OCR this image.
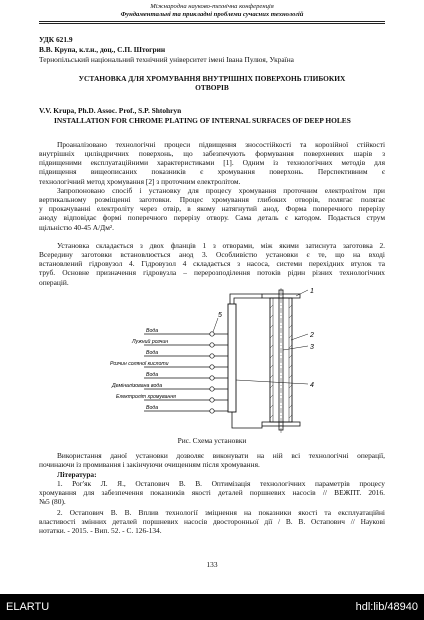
Міжнародна науково-технічна конференція
Фундаментальні та прикладні проблеми сучасних технологій
УДК 621.9
В.В. Крупа, к.т.н., доц., С.П. Штогрин
Тернопільський національний технічний університет імені Івана Пулюя, Україна
УСТАНОВКА ДЛЯ ХРОМУВАННЯ ВНУТРІШНІХ ПОВЕРХОНЬ ГЛИБОКИХ
ОТВОРІВ
V.V. Krupa, Ph.D. Assoc. Prof., S.P. Shtohryn
INSTALLATION FOR CHROME PLATING OF INTERNAL SURFACES OF DEEP HOLES
Проаналізовано технологічні процеси підвищення зносостійкості та корозійної стійкості
внутрішніх циліндричних поверхонь, що забезпечують формування поверхневих шарів з
підвищеними експлуатаційними характеристиками [1]. Одним із технологічних методів для
підвищення вищеописаних показників є хромування поверхонь. Перспективним є
технологічний метод хромування [2] з проточним електролітом.
Запропоновано спосіб і установку для процесу хромування проточним електролітом при
вертикальному розміщенні заготовки. Процес хромування глибоких отворів, полягає полягає
у прокачуванні електроліту через отвір, в якому натягнутий анод. Форма поперечного перерізу
аноду відповідає формі поперечного перерізу отвору. Сама деталь є катодом. Подається струм
щільністю 40-45 А/Дм².
Установка складається з двох фланців 1 з отворами, між якими затиснута заготовка 2.
Всередину заготовки встановлюється анод 3. Особливістю установки є те, що на вході
встановлений гідровузол 4. Гідровузол 4 складається з насоса, системи перехідних втулок та
труб. Основне призначення гідровузла – перерозподілення потоків рідин різних технологічних
операцій.
1
2
3
4
5
Вода
Лужний розчин
Вода
Розчин соляної кислоти
Вода
Деміналізована вода
Електроліт хромування
Вода
Рис. Схема установки
Використання даної установки дозволяє виконувати на ній всі технологічні операції,
починаючи із промивання і закінчуючи очищенням після хромування.
Література:
1. Рог'як Л. Я., Остапович В. В. Оптимізація технологічних параметрів процесу
хромування для забезпечення показників якості деталей поршневих насосів // ВЕЖПТ. 2016.
№5 (80).
2. Остапович В. В. Вплив технології зміцнення на показники якості та експлуатаційні
властивості змінних деталей поршневих насосів двосторонньої дії / В. В. Остапович // Наукові
нотатки. - 2015. - Вип. 52. - С. 126-134.
133
ELARTU	hdl:lib/48940
